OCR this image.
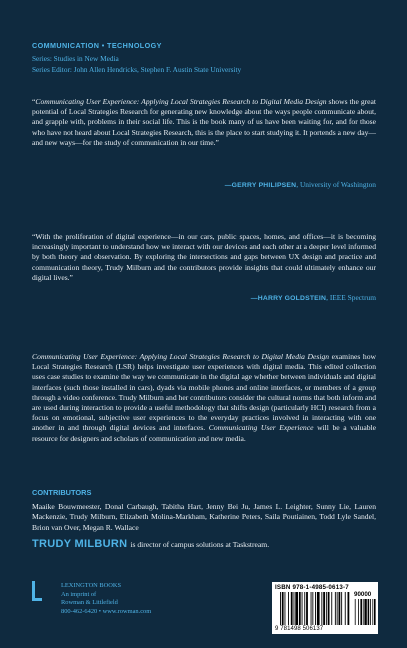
COMMUNICATION • TECHNOLOGY
Series: Studies in New Media
Series Editor: John Allen Hendricks, Stephen F. Austin State University
“Communicating User Experience: Applying Local Strategies Research to Digital Media Design shows the great potential of Local Strategies Research for generating new knowledge about the ways people communicate about, and grapple with, problems in their social life. This is the book many of us have been waiting for, and for those who have not heard about Local Strategies Research, this is the place to start studying it. It portends a new day—and new ways—for the study of communication in our time.”
—GERRY PHILIPSEN, University of Washington
“With the proliferation of digital experience—in our cars, public spaces, homes, and offices—it is becoming increasingly important to understand how we interact with our devices and each other at a deeper level informed by both theory and observation. By exploring the intersections and gaps between UX design and practice and communication theory, Trudy Milburn and the contributors provide insights that could ultimately enhance our digital lives.”
—HARRY GOLDSTEIN, IEEE Spectrum
Communicating User Experience: Applying Local Strategies Research to Digital Media Design examines how Local Strategies Research (LSR) helps investigate user experiences with digital media. This edited collection uses case studies to examine the way we communicate in the digital age whether between individuals and digital interfaces (such those installed in cars), dyads via mobile phones and online interfaces, or members of a group through a video conference. Trudy Milburn and her contributors consider the cultural norms that both inform and are used during interaction to provide a useful methodology that shifts design (particularly HCI) research from a focus on emotional, subjective user experiences to the everyday practices involved in interacting with one another in and through digital devices and interfaces. Communicating User Experience will be a valuable resource for designers and scholars of communication and new media.
CONTRIBUTORS
Maaike Bouwmeester, Donal Carbaugh, Tabitha Hart, Jenny Bei Ju, James L. Leighter, Sunny Lie, Lauren Mackenzie, Trudy Milburn, Elizabeth Molina-Markham, Katherine Peters, Saila Poutiainen, Todd Lyle Sandel, Brion van Over, Megan R. Wallace
TRUDY MILBURN is director of campus solutions at Taskstream.
LEXINGTON BOOKS
An imprint of
Rowman & Littlefield
800-462-6420 • www.rowman.com
ISBN 978-1-4985-0613-7
90000
9 781498 506137
